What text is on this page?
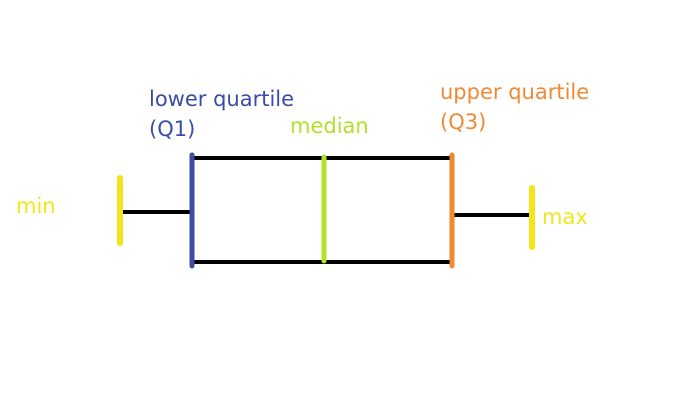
min
lower quartile
(Q1)	median
upper quartile
(Q3)
max
